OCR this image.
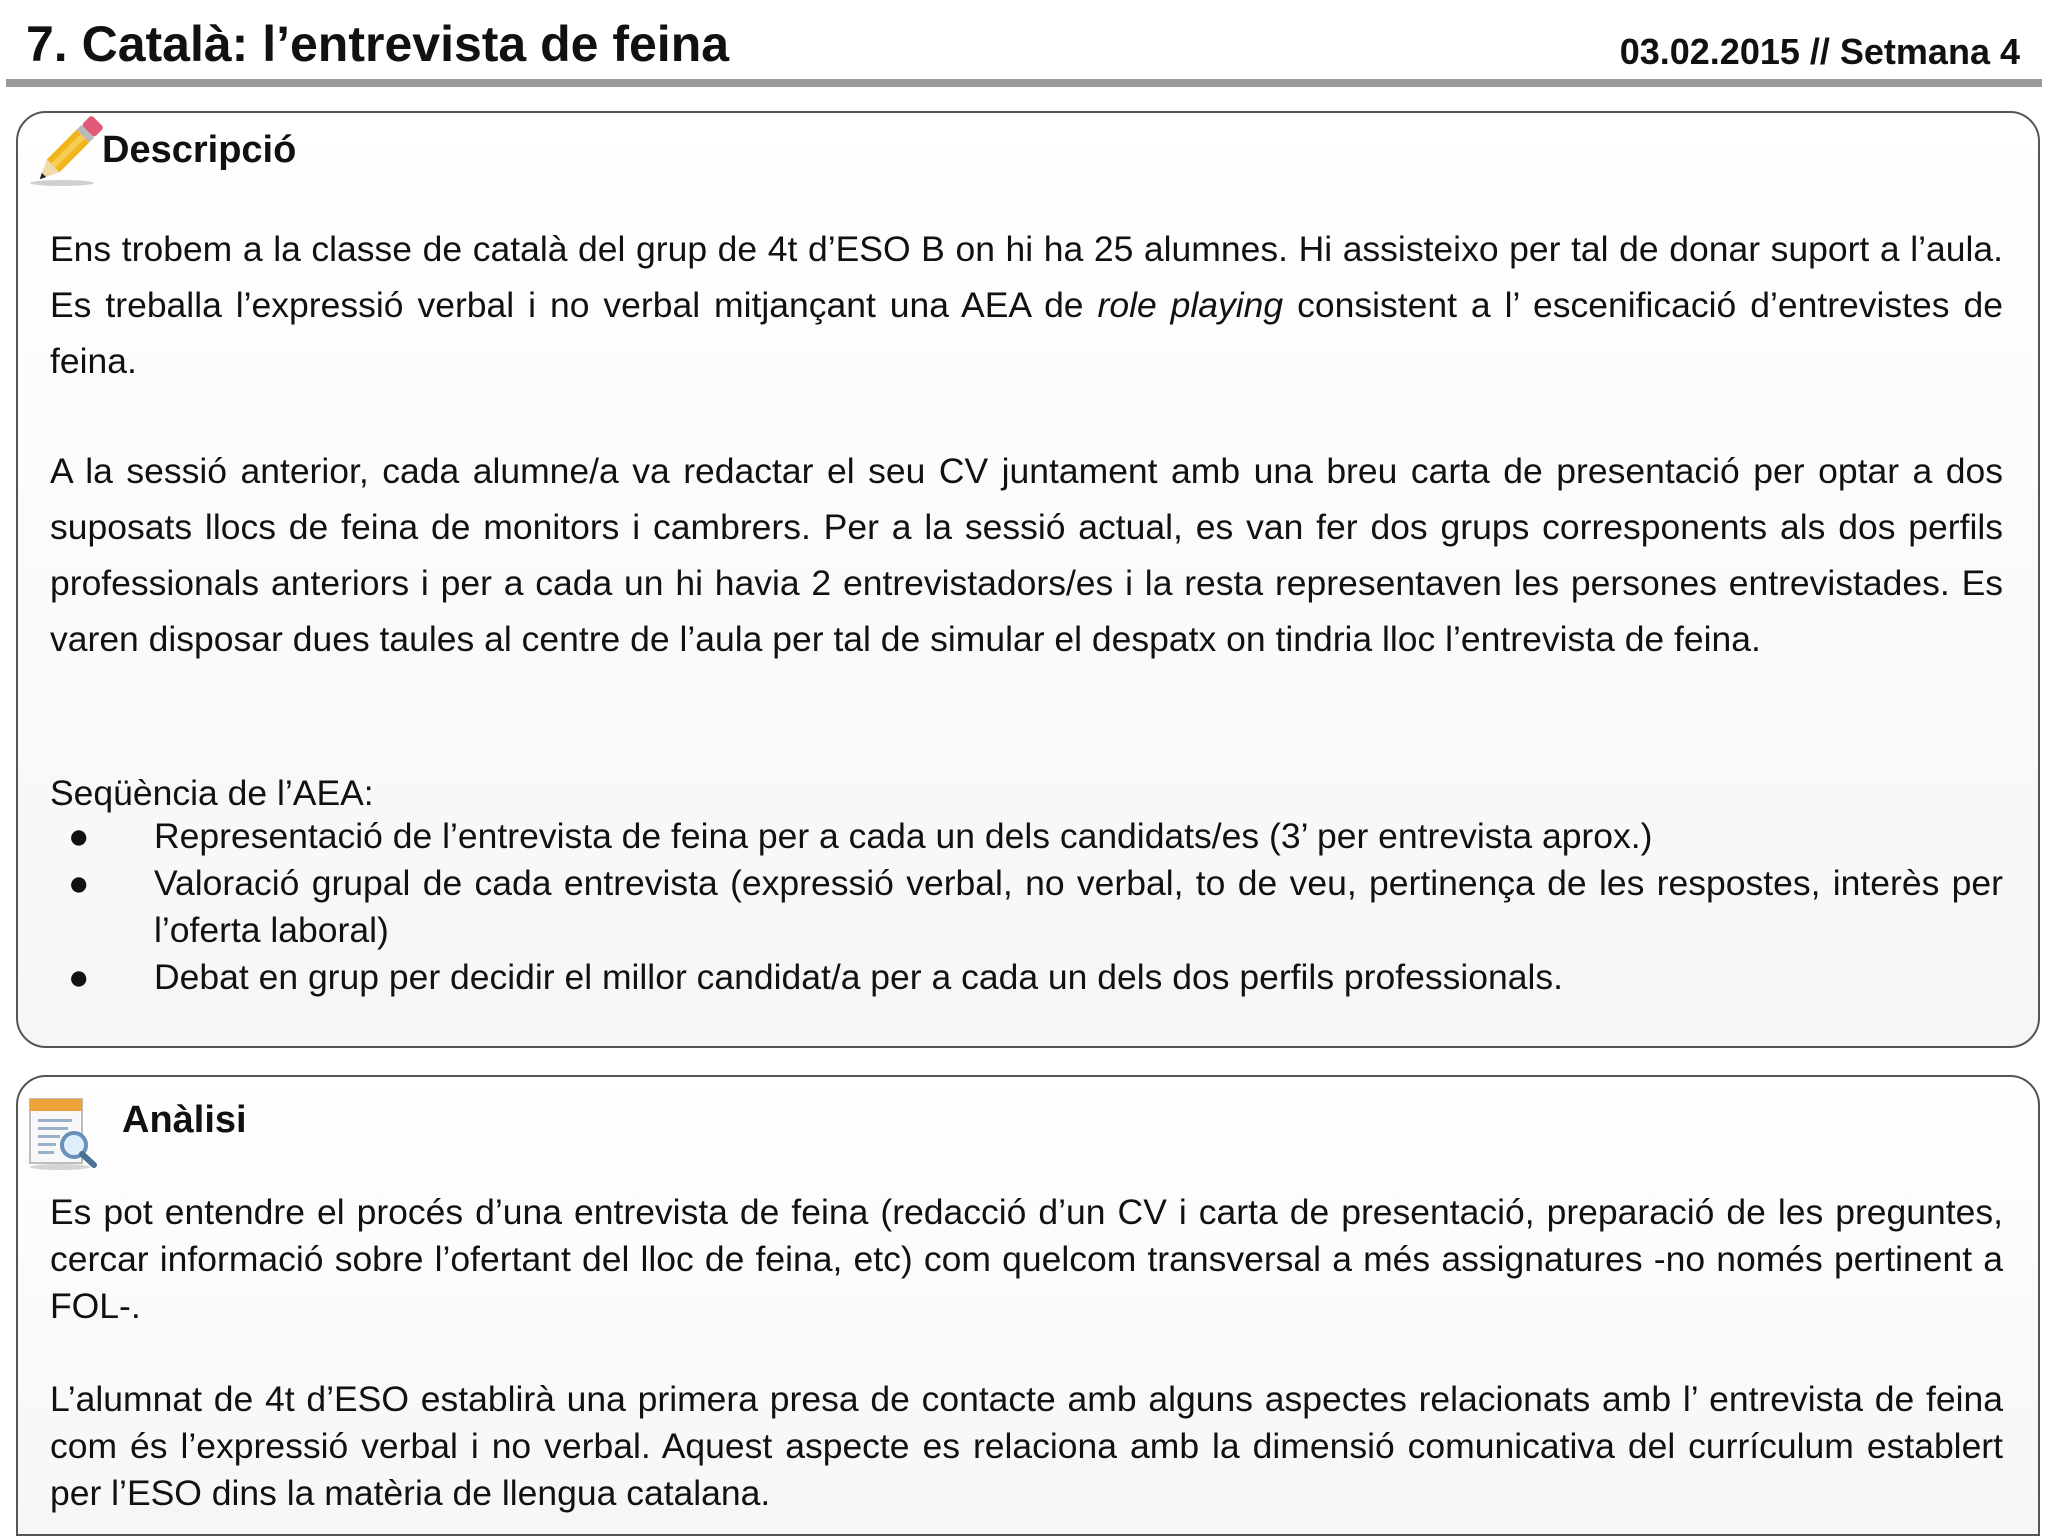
7. Català: l’entrevista de feina	03.02.2015 // Setmana 4
Descripció

Ens trobem a la classe de català del grup de 4t d’ESO B on hi ha 25 alumnes. Hi assisteixo per tal de donar suport a l’aula. Es treballa l’expressió verbal i no verbal mitjançant una AEA de role playing consistent a l’ escenificació d’entrevistes de feina.

A la sessió anterior, cada alumne/a va redactar el seu CV juntament amb una breu carta de presentació per optar a dos suposats llocs de feina de monitors i cambrers. Per a la sessió actual, es van fer dos grups corresponents als dos perfils professionals anteriors i per a cada un hi havia 2 entrevistadors/es i la resta representaven les persones entrevistades. Es varen disposar dues taules al centre de l’aula per tal de simular el despatx on tindria lloc l’entrevista de feina.

Seqüència de l’AEA:

● Representació de l’entrevista de feina per a cada un dels candidats/es (3’ per entrevista aprox.)
● Valoració grupal de cada entrevista (expressió verbal, no verbal, to de veu, pertinença de les respostes, interès per l’oferta laboral)
● Debat en grup per decidir el millor candidat/a per a cada un dels dos perfils professionals.
Anàlisi

Es pot entendre el procés d’una entrevista de feina (redacció d’un CV i carta de presentació, preparació de les preguntes, cercar informació sobre l’ofertant del lloc de feina, etc) com quelcom transversal a més assignatures -no només pertinent a FOL-.

L’alumnat de 4t d’ESO establirà una primera presa de contacte amb alguns aspectes relacionats amb l’ entrevista de feina com és l’expressió verbal i no verbal. Aquest aspecte es relaciona amb la dimensió comunicativa del currículum establert per l’ESO dins la matèria de llengua catalana.
